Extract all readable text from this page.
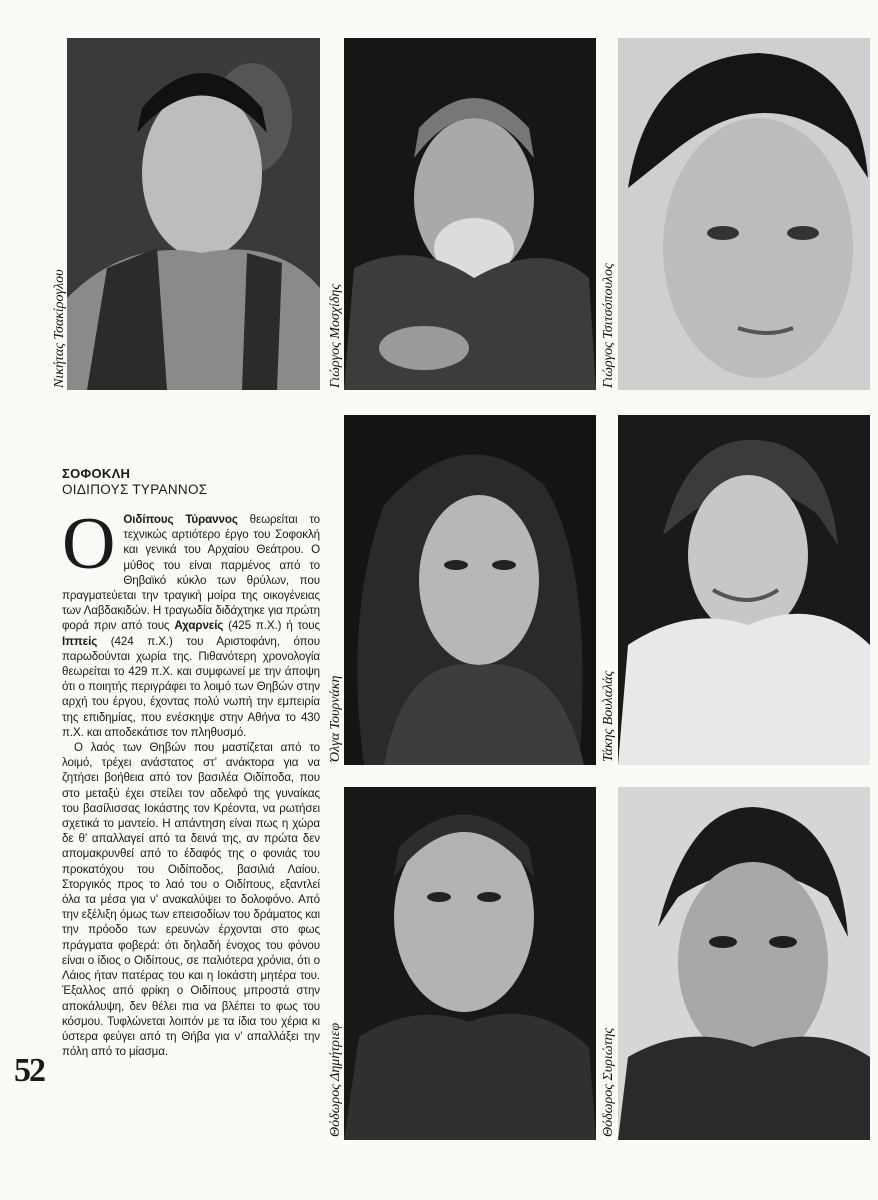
Νικήτας Τσακίρογλου	Γιώργος Μοσχίδης	Γιώργος Τσιτσόπουλος
Όλγα Τουρνάκη	Τάκης Βουλαλάς
Θόδωρος Δημήτριεφ	Θόδωρος Συριώτης
ΣΟΦΟΚΛΗ
ΟΙΔΙΠΟΥΣ ΤΥΡΑΝΝΟΣ

Ο Οιδίπους Τύραννος θεωρείται το τεχνικώς αρτιότερο έργο του Σοφοκλή και γενικά του Αρχαίου Θεάτρου. Ο μύθος του είναι παρμένος από το Θηβαϊκό κύκλο των θρύλων, που πραγματεύεται την τραγική μοίρα της οικογένειας των Λαβδακιδών. Η τραγωδία διδάχτηκε για πρώτη φορά πριν από τους Αχαρνείς (425 π.Χ.) ή τους Ιππείς (424 π.Χ.) του Αριστοφάνη, όπου παρωδούνται χωρία της. Πιθανότερη χρονολογία θεωρείται το 429 π.Χ. και συμφωνεί με την άποψη ότι ο ποιητής περιγράφει το λοιμό των Θηβών στην αρχή του έργου, έχοντας πολύ νωπή την εμπειρία της επιδημίας, που ενέσκηψε στην Αθήνα το 430 π.Χ. και αποδεκάτισε τον πληθυσμό.

Ο λαός των Θηβών που μαστίζεται από το λοιμό, τρέχει ανάστατος στ’ ανάκτορα για να ζητήσει βοήθεια από τον βασιλέα Οιδίποδα, που στο μεταξύ έχει στείλει τον αδελφό της γυναίκας του βασίλισσας Ιοκάστης τον Κρέοντα, να ρωτήσει σχετικά το μαντείο. Η απάντηση είναι πως η χώρα δε θ’ απαλλαγεί από τα δεινά της, αν πρώτα δεν απομακρυνθεί από το έδαφός της ο φονιάς του προκατόχου του Οιδίποδος, βασιλιά Λαίου. Στοργικός προς το λαό του ο Οιδίπους, εξαντλεί όλα τα μέσα για ν’ ανακαλύψει το δολοφόνο. Από την εξέλιξη όμως των επεισοδίων του δράματος και την πρόοδο των ερευνών έρχονται στο φως πράγματα φοβερά: ότι δηλαδή ένοχος του φόνου είναι ο ίδιος ο Οιδίπους, σε παλιότερα χρόνια, ότι ο Λάιος ήταν πατέρας του και η Ιοκάστη μητέρα του. Έξαλλος από φρίκη ο Οιδίπους μπροστά στην αποκάλυψη, δεν θέλει πια να βλέπει το φως του κόσμου. Τυφλώνεται λοιπόν με τα ίδια του χέρια κι ύστερα φεύγει από τη Θήβα για ν’ απαλλάξει την πόλη από το μίασμα.

52
